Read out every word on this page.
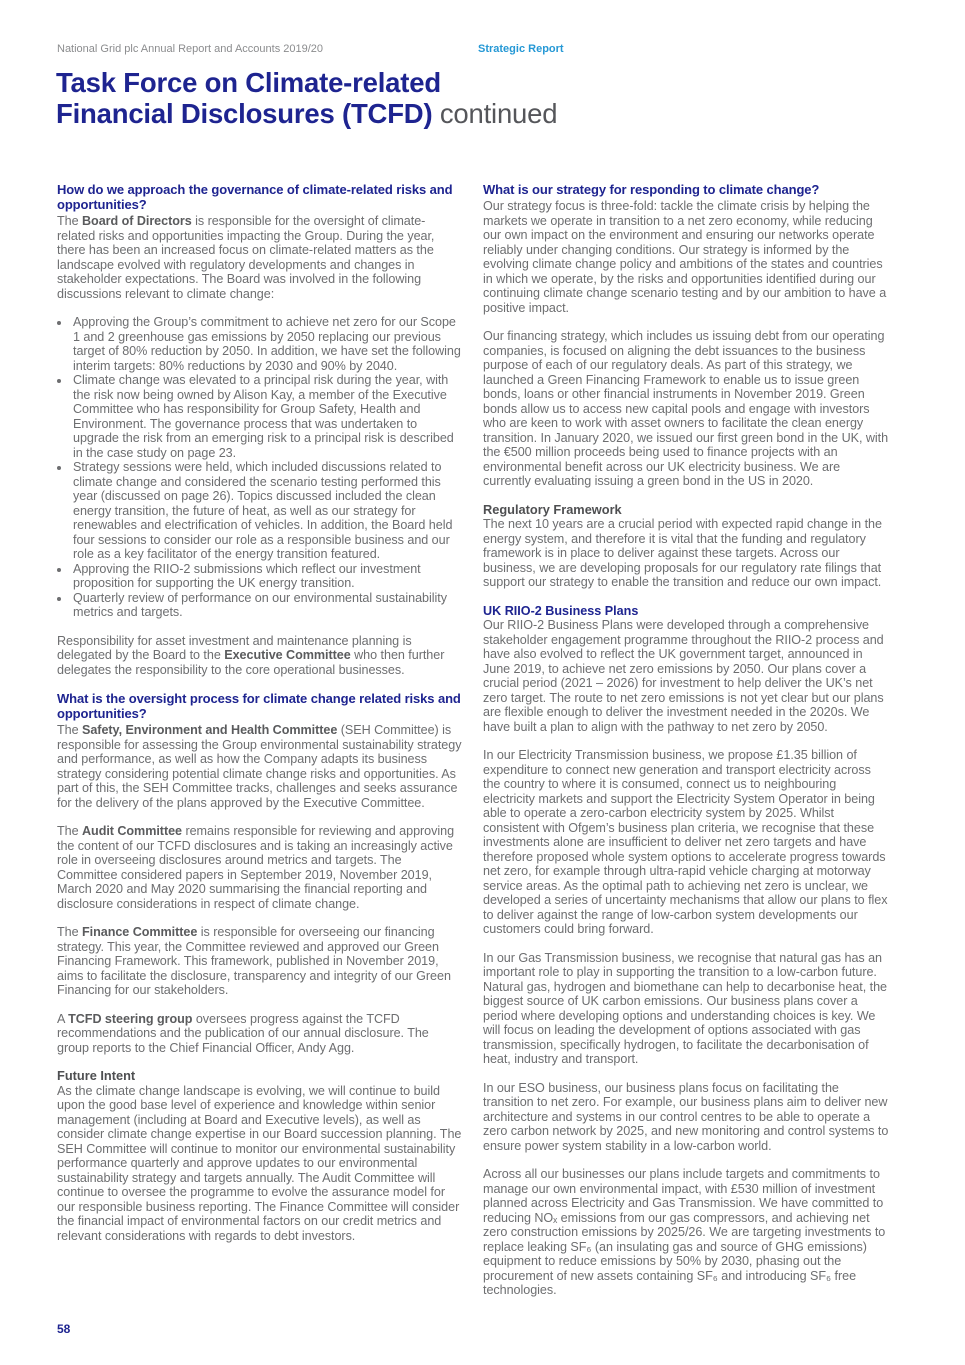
National Grid plc Annual Report and Accounts 2019/20	Strategic Report
Task Force on Climate-related
Financial Disclosures (TCFD) continued
How do we approach the governance of climate-related risks and opportunities?

The Board of Directors is responsible for the oversight of climate-related risks and opportunities impacting the Group. During the year, there has been an increased focus on climate-related matters as the landscape evolved with regulatory developments and changes in stakeholder expectations. The Board was involved in the following discussions relevant to climate change:

• Approving the Group’s commitment to achieve net zero for our Scope 1 and 2 greenhouse gas emissions by 2050 replacing our previous target of 80% reduction by 2050. In addition, we have set the following interim targets: 80% reductions by 2030 and 90% by 2040.
• Climate change was elevated to a principal risk during the year, with the risk now being owned by Alison Kay, a member of the Executive Committee who has responsibility for Group Safety, Health and Environment. The governance process that was undertaken to upgrade the risk from an emerging risk to a principal risk is described in the case study on page 23.
• Strategy sessions were held, which included discussions related to climate change and considered the scenario testing performed this year (discussed on page 26). Topics discussed included the clean energy transition, the future of heat, as well as our strategy for renewables and electrification of vehicles. In addition, the Board held four sessions to consider our role as a responsible business and our role as a key facilitator of the energy transition featured.
• Approving the RIIO-2 submissions which reflect our investment proposition for supporting the UK energy transition.
• Quarterly review of performance on our environmental sustainability metrics and targets.

Responsibility for asset investment and maintenance planning is delegated by the Board to the Executive Committee who then further delegates the responsibility to the core operational businesses.

What is the oversight process for climate change related risks and opportunities?

The Safety, Environment and Health Committee (SEH Committee) is responsible for assessing the Group environmental sustainability strategy and performance, as well as how the Company adapts its business strategy considering potential climate change risks and opportunities. As part of this, the SEH Committee tracks, challenges and seeks assurance for the delivery of the plans approved by the Executive Committee.

The Audit Committee remains responsible for reviewing and approving the content of our TCFD disclosures and is taking an increasingly active role in overseeing disclosures around metrics and targets. The Committee considered papers in September 2019, November 2019, March 2020 and May 2020 summarising the financial reporting and disclosure considerations in respect of climate change.

The Finance Committee is responsible for overseeing our financing strategy. This year, the Committee reviewed and approved our Green Financing Framework. This framework, published in November 2019, aims to facilitate the disclosure, transparency and integrity of our Green Financing for our stakeholders.

A TCFD steering group oversees progress against the TCFD recommendations and the publication of our annual disclosure. The group reports to the Chief Financial Officer, Andy Agg.

Future Intent

As the climate change landscape is evolving, we will continue to build upon the good base level of experience and knowledge within senior management (including at Board and Executive levels), as well as consider climate change expertise in our Board succession planning. The SEH Committee will continue to monitor our environmental sustainability performance quarterly and approve updates to our environmental sustainability strategy and targets annually. The Audit Committee will continue to oversee the programme to evolve the assurance model for our responsible business reporting. The Finance Committee will consider the financial impact of environmental factors on our credit metrics and relevant considerations with regards to debt investors.

What is our strategy for responding to climate change?

Our strategy focus is three-fold: tackle the climate crisis by helping the markets we operate in transition to a net zero economy, while reducing our own impact on the environment and ensuring our networks operate reliably under changing conditions. Our strategy is informed by the evolving climate change policy and ambitions of the states and countries in which we operate, by the risks and opportunities identified during our continuing climate change scenario testing and by our ambition to have a positive impact.

Our financing strategy, which includes us issuing debt from our operating companies, is focused on aligning the debt issuances to the business purpose of each of our regulatory deals. As part of this strategy, we launched a Green Financing Framework to enable us to issue green bonds, loans or other financial instruments in November 2019. Green bonds allow us to access new capital pools and engage with investors who are keen to work with asset owners to facilitate the clean energy transition. In January 2020, we issued our first green bond in the UK, with the €500 million proceeds being used to finance projects with an environmental benefit across our UK electricity business. We are currently evaluating issuing a green bond in the US in 2020.

Regulatory Framework

The next 10 years are a crucial period with expected rapid change in the energy system, and therefore it is vital that the funding and regulatory framework is in place to deliver against these targets. Across our business, we are developing proposals for our regulatory rate filings that support our strategy to enable the transition and reduce our own impact.

UK RIIO-2 Business Plans

Our RIIO-2 Business Plans were developed through a comprehensive stakeholder engagement programme throughout the RIIO-2 process and have also evolved to reflect the UK government target, announced in June 2019, to achieve net zero emissions by 2050. Our plans cover a crucial period (2021 – 2026) for investment to help deliver the UK’s net zero target. The route to net zero emissions is not yet clear but our plans are flexible enough to deliver the investment needed in the 2020s. We have built a plan to align with the pathway to net zero by 2050.

In our Electricity Transmission business, we propose £1.35 billion of expenditure to connect new generation and transport electricity across the country to where it is consumed, connect us to neighbouring electricity markets and support the Electricity System Operator in being able to operate a zero-carbon electricity system by 2025. Whilst consistent with Ofgem’s business plan criteria, we recognise that these investments alone are insufficient to deliver net zero targets and have therefore proposed whole system options to accelerate progress towards net zero, for example through ultra-rapid vehicle charging at motorway service areas. As the optimal path to achieving net zero is unclear, we developed a series of uncertainty mechanisms that allow our plans to flex to deliver against the range of low-carbon system developments our customers could bring forward.

In our Gas Transmission business, we recognise that natural gas has an important role to play in supporting the transition to a low-carbon future. Natural gas, hydrogen and biomethane can help to decarbonise heat, the biggest source of UK carbon emissions. Our business plans cover a period where developing options and understanding choices is key. We will focus on leading the development of options associated with gas transmission, specifically hydrogen, to facilitate the decarbonisation of heat, industry and transport.

In our ESO business, our business plans focus on facilitating the transition to net zero. For example, our business plans aim to deliver new architecture and systems in our control centres to be able to operate a zero carbon network by 2025, and new monitoring and control systems to ensure power system stability in a low-carbon world.

Across all our businesses our plans include targets and commitments to manage our own environmental impact, with £530 million of investment planned across Electricity and Gas Transmission. We have committed to reducing NOₓ emissions from our gas compressors, and achieving net zero construction emissions by 2025/26. We are targeting investments to replace leaking SF₆ (an insulating gas and source of GHG emissions) equipment to reduce emissions by 50% by 2030, phasing out the procurement of new assets containing SF₆ and introducing SF₆ free technologies.

58
